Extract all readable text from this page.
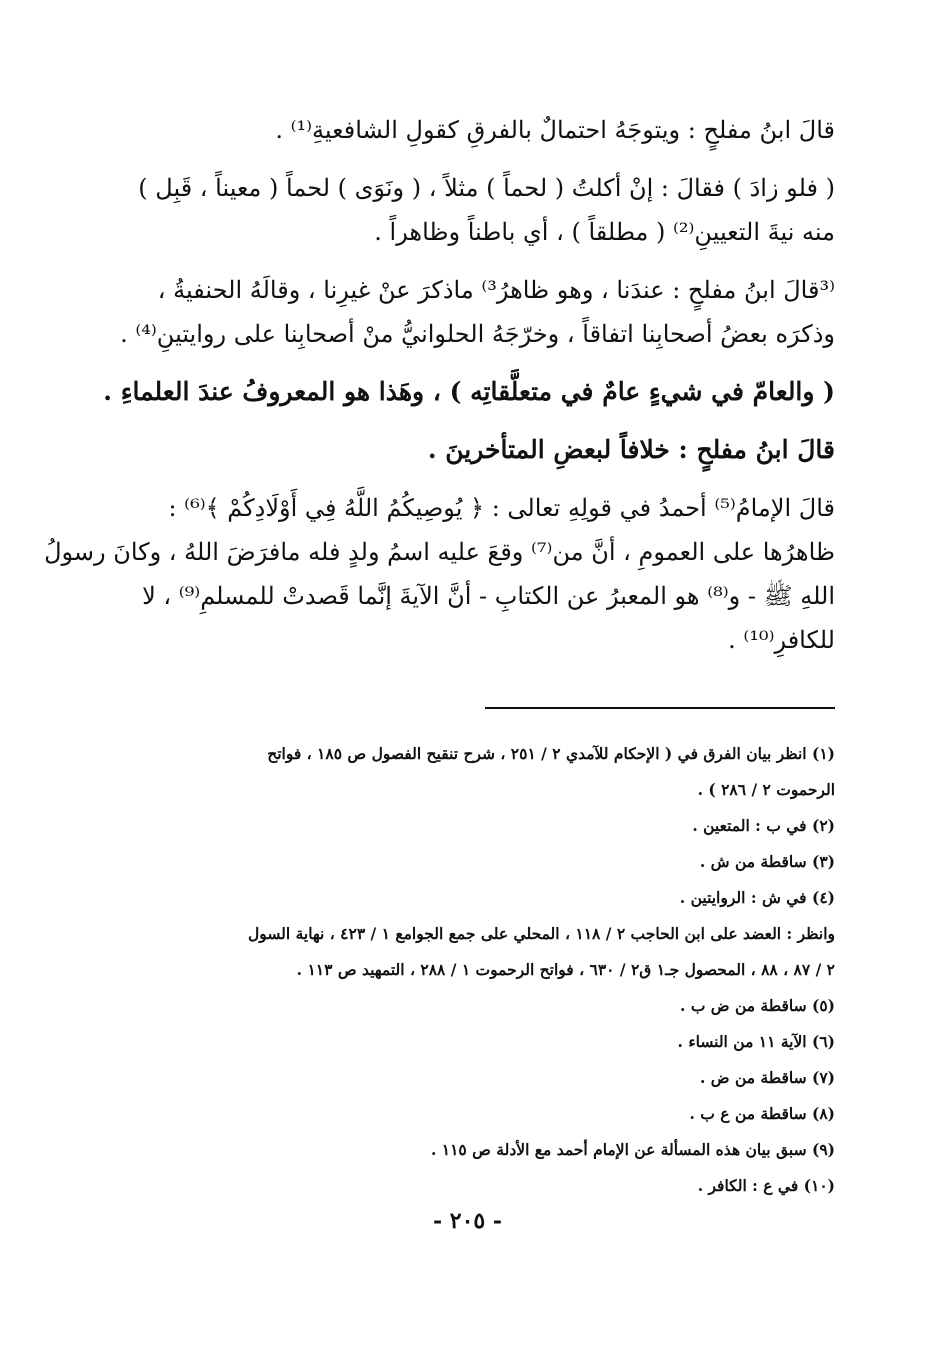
قالَ ابنُ مفلحٍ : ويتوجَهُ احتمالٌ بالفرقِ كقولِ الشافعيةِ⁽¹⁾ .

( فلو زادَ ) فقالَ : إنْ أكلتُ ( لحماً ) مثلاً ، ( ونَوَى ) لحماً ( معيناً ، قَبِل )
منه نيةَ التعيينِ⁽²⁾ ( مطلقاً ) ، أي باطناً وظاهراً .

⁽³قالَ ابنُ مفلحٍ : عندَنا ، وهو ظاهرُ³⁾ ماذكرَ عنْ غيرِنا ، وقالَهُ الحنفيةُ ،
وذكرَه بعضُ أصحابِنا اتفاقاً ، وخرّجَهُ الحلوانيُّ منْ أصحابِنا على روايتينِ⁽⁴⁾ .

( والعامّ في شيءٍ عامٌ في متعلَّقاتِه ) ، وهَذا هو المعروفُ عندَ العلماءِ .

قالَ ابنُ مفلحٍ : خلافاً لبعضِ المتأخرينَ .

قالَ الإمامُ⁽⁵⁾ أحمدُ في قولِهِ تعالى : ﴿ يُوصِيكُمُ اللَّهُ فِي أَوْلَادِكُمْ ﴾⁽⁶⁾ :
ظاهرُها على العمومِ ، أنَّ من⁽⁷⁾ وقعَ عليه اسمُ ولدٍ فله مافرَضَ اللهُ ، وكانَ رسولُ
اللهِ ﷺ - و⁽⁸⁾ هو المعبرُ عن الكتابِ - أنَّ الآيةَ إنَّما قَصدتْ للمسلمِ⁽⁹⁾ ، لا
للكافرِ⁽¹⁰⁾ .

(١) انظر بيان الفرق في ( الإحكام للآمدي ٢ / ٢٥١ ، شرح تنقيح الفصول ص ١٨٥ ، فواتح
الرحموت ٢ / ٢٨٦ ) .
(٢) في ب : المتعين .
(٣) ساقطة من ش .
(٤) في ش : الروايتين .
وانظر : العضد على ابن الحاجب ٢ / ١١٨ ، المحلي على جمع الجوامع ١ / ٤٢٣ ، نهاية السول
٢ / ٨٧ ، ٨٨ ، المحصول جـ١ ق٢ / ٦٣٠ ، فواتح الرحموت ١ / ٢٨٨ ، التمهيد ص ١١٣ .
(٥) ساقطة من ض ب .
(٦) الآية ١١ من النساء .
(٧) ساقطة من ض .
(٨) ساقطة من ع ب .
(٩) سبق بيان هذه المسألة عن الإمام أحمد مع الأدلة ص ١١٥ .
(١٠) في ع : الكافر .
- ٢٠٥ -
